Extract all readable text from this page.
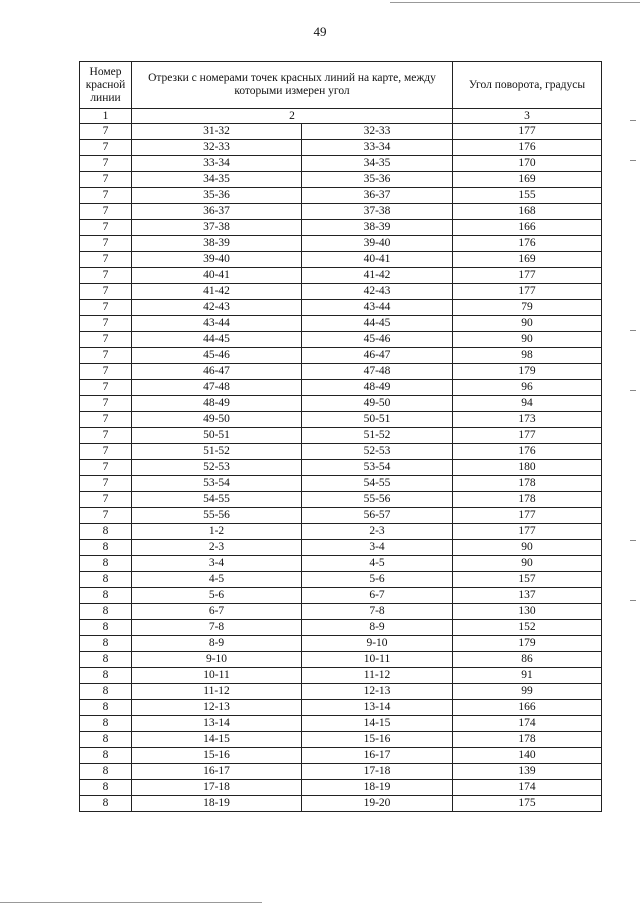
49
Номер красной линии	Отрезки с номерами точек красных линий на карте, между которыми измерен угол		Угол поворота, градусы
1	2		3
7	31-32	32-33	177
7	32-33	33-34	176
7	33-34	34-35	170
7	34-35	35-36	169
7	35-36	36-37	155
7	36-37	37-38	168
7	37-38	38-39	166
7	38-39	39-40	176
7	39-40	40-41	169
7	40-41	41-42	177
7	41-42	42-43	177
7	42-43	43-44	79
7	43-44	44-45	90
7	44-45	45-46	90
7	45-46	46-47	98
7	46-47	47-48	179
7	47-48	48-49	96
7	48-49	49-50	94
7	49-50	50-51	173
7	50-51	51-52	177
7	51-52	52-53	176
7	52-53	53-54	180
7	53-54	54-55	178
7	54-55	55-56	178
7	55-56	56-57	177
8	1-2	2-3	177
8	2-3	3-4	90
8	3-4	4-5	90
8	4-5	5-6	157
8	5-6	6-7	137
8	6-7	7-8	130
8	7-8	8-9	152
8	8-9	9-10	179
8	9-10	10-11	86
8	10-11	11-12	91
8	11-12	12-13	99
8	12-13	13-14	166
8	13-14	14-15	174
8	14-15	15-16	178
8	15-16	16-17	140
8	16-17	17-18	139
8	17-18	18-19	174
8	18-19	19-20	175
